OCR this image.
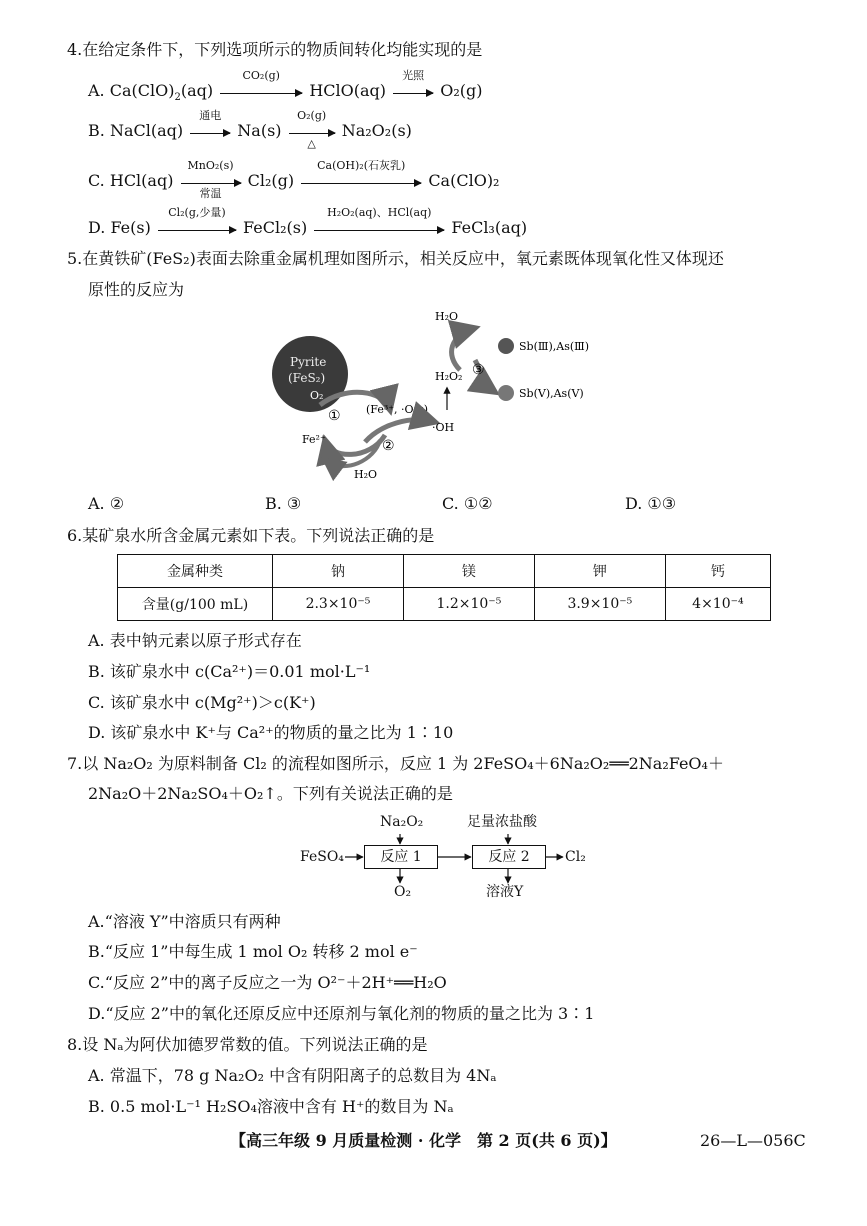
4.在给定条件下，下列选项所示的物质间转化均能实现的是
A. $Ca(ClO)_2(aq)$
CO₂(g)
HClO(aq)
光照
O₂(g)
B. NaCl(aq)
通电
Na(s)
O₂(g)
△
Na₂O₂(s)
C. HCl(aq)
MnO₂(s)
常温
Cl₂(g)
Ca(OH)₂(石灰乳)
Ca(ClO)₂
D. Fe(s)
Cl₂(g,少量)
FeCl₂(s)
H₂O₂(aq)、HCl(aq)
FeCl₃(aq)
5.在黄铁矿(FeS₂)表面去除重金属机理如图所示，相关反应中，氧元素既体现氧化性又体现还
原性的反应为
Pyrite
(FeS₂)
O₂
①
Fe²⁺
(Fe³⁺, ·O₂⁻)
②
H₂O
·OH
H₂O₂
H₂O
③
Sb(Ⅲ),As(Ⅲ)
Sb(Ⅴ),As(Ⅴ)
A. ②	B. ③	C. ①②	D. ①③
6.某矿泉水所含金属元素如下表。下列说法正确的是
金属种类	钠	镁	钾	钙
含量(g/100 mL)	2.3×10⁻⁵	1.2×10⁻⁵	3.9×10⁻⁵	4×10⁻⁴
A. 表中钠元素以原子形式存在
B. 该矿泉水中 c(Ca²⁺)＝0.01 mol·L⁻¹
C. 该矿泉水中 c(Mg²⁺)＞c(K⁺)
D. 该矿泉水中 K⁺与 Ca²⁺的物质的量之比为 1∶10
7.以 Na₂O₂ 为原料制备 Cl₂ 的流程如图所示，反应 1 为 2FeSO₄＋6Na₂O₂══2Na₂FeO₄＋
2Na₂O＋2Na₂SO₄＋O₂↑。下列有关说法正确的是
FeSO₄
Na₂O₂	足量浓盐酸
反应 1	反应 2	Cl₂
O₂	溶液Y
A.“溶液 Y”中溶质只有两种
B.“反应 1”中每生成 1 mol O₂ 转移 2 mol e⁻
C.“反应 2”中的离子反应之一为 O²⁻＋2H⁺══H₂O
D.“反应 2”中的氧化还原反应中还原剂与氧化剂的物质的量之比为 3∶1
8.设 Nₐ为阿伏加德罗常数的值。下列说法正确的是
A. 常温下，78 g Na₂O₂ 中含有阴阳离子的总数目为 4Nₐ
B. 0.5 mol·L⁻¹ H₂SO₄溶液中含有 H⁺的数目为 Nₐ
【高三年级 9 月质量检测 · 化学　第 2 页(共 6 页)】	26—L—056C
